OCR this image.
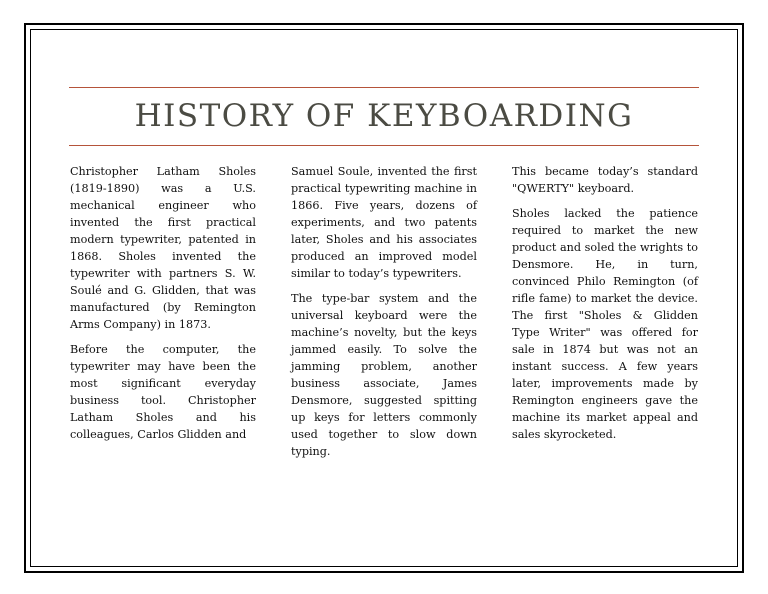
HISTORY OF KEYBOARDING

Christopher Latham Sholes (1819-1890) was a U.S. mechanical engineer who invented the first practical modern typewriter, patented in 1868. Sholes invented the typewriter with partners S. W. Soulé and G. Glidden, that was manufactured (by Remington Arms Company) in 1873.

Before the computer, the typewriter may have been the most significant everyday business tool. Christopher Latham Sholes and his colleagues, Carlos Glidden and

Samuel Soule, invented the first practical typewriting machine in 1866. Five years, dozens of experiments, and two patents later, Sholes and his associates produced an improved model similar to today’s typewriters.

The type-bar system and the universal keyboard were the machine’s novelty, but the keys jammed easily. To solve the jamming problem, another business associate, James Densmore, suggested spitting up keys for letters commonly used together to slow down typing.

This became today’s standard "QWERTY" keyboard.

Sholes lacked the patience required to market the new product and soled the wrights to Densmore. He, in turn, convinced Philo Remington (of rifle fame) to market the device. The first "Sholes & Glidden Type Writer" was offered for sale in 1874 but was not an instant success. A few years later, improvements made by Remington engineers gave the machine its market appeal and sales skyrocketed.
